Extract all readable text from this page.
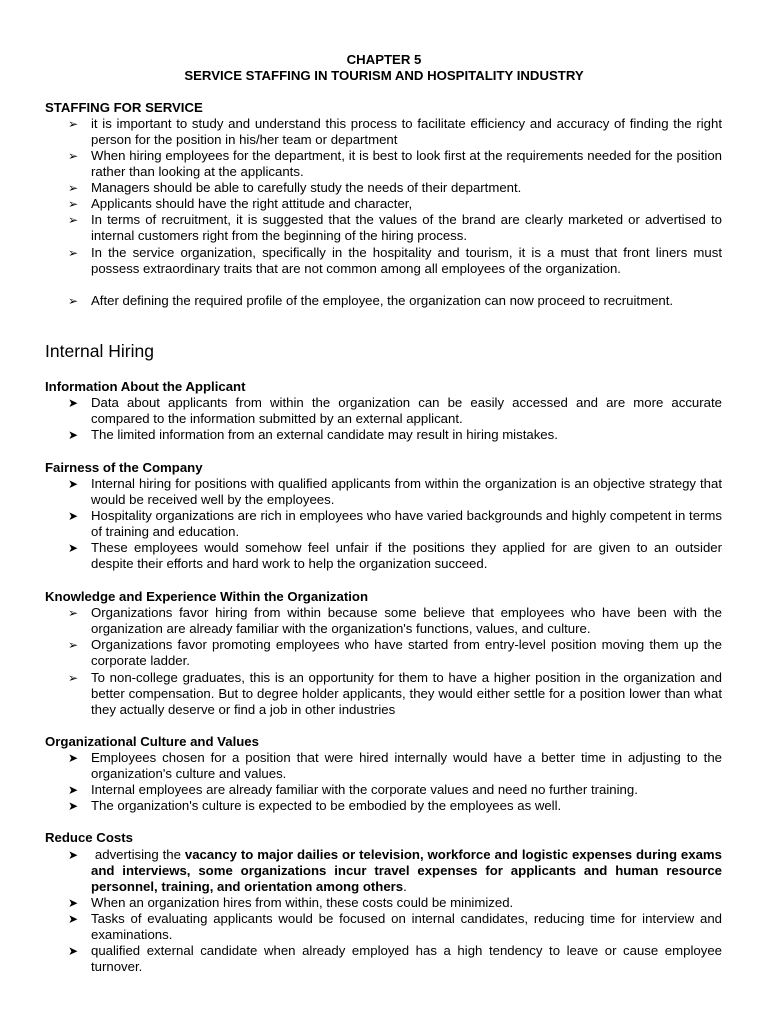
CHAPTER 5
SERVICE STAFFING IN TOURISM AND HOSPITALITY INDUSTRY
STAFFING FOR SERVICE
➢ it is important to study and understand this process to facilitate efficiency and accuracy of finding the right person for the position in his/her team or department
➢ When hiring employees for the department, it is best to look first at the requirements needed for the position rather than looking at the applicants.
➢ Managers should be able to carefully study the needs of their department.
➢ Applicants should have the right attitude and character,
➢ In terms of recruitment, it is suggested that the values of the brand are clearly marketed or advertised to internal customers right from the beginning of the hiring process.
➢ In the service organization, specifically in the hospitality and tourism, it is a must that front liners must possess extraordinary traits that are not common among all employees of the organization.
➢ After defining the required profile of the employee, the organization can now proceed to recruitment.
Internal Hiring
Information About the Applicant
➤ Data about applicants from within the organization can be easily accessed and are more accurate compared to the information submitted by an external applicant.
➤ The limited information from an external candidate may result in hiring mistakes.
Fairness of the Company
➤ Internal hiring for positions with qualified applicants from within the organization is an objective strategy that would be received well by the employees.
➤ Hospitality organizations are rich in employees who have varied backgrounds and highly competent in terms of training and education.
➤ These employees would somehow feel unfair if the positions they applied for are given to an outsider despite their efforts and hard work to help the organization succeed.
Knowledge and Experience Within the Organization
➢ Organizations favor hiring from within because some believe that employees who have been with the organization are already familiar with the organization's functions, values, and culture.
➢ Organizations favor promoting employees who have started from entry-level position moving them up the corporate ladder.
➢ To non-college graduates, this is an opportunity for them to have a higher position in the organization and better compensation. But to degree holder applicants, they would either settle for a position lower than what they actually deserve or find a job in other industries
Organizational Culture and Values
➤ Employees chosen for a position that were hired internally would have a better time in adjusting to the organization's culture and values.
➤ Internal employees are already familiar with the corporate values and need no further training.
➤ The organization's culture is expected to be embodied by the employees as well.
Reduce Costs
➤ advertising the vacancy to major dailies or television, workforce and logistic expenses during exams and interviews, some organizations incur travel expenses for applicants and human resource personnel, training, and orientation among others.
➤ When an organization hires from within, these costs could be minimized.
➤ Tasks of evaluating applicants would be focused on internal candidates, reducing time for interview and examinations.
➤ qualified external candidate when already employed has a high tendency to leave or cause employee turnover.
